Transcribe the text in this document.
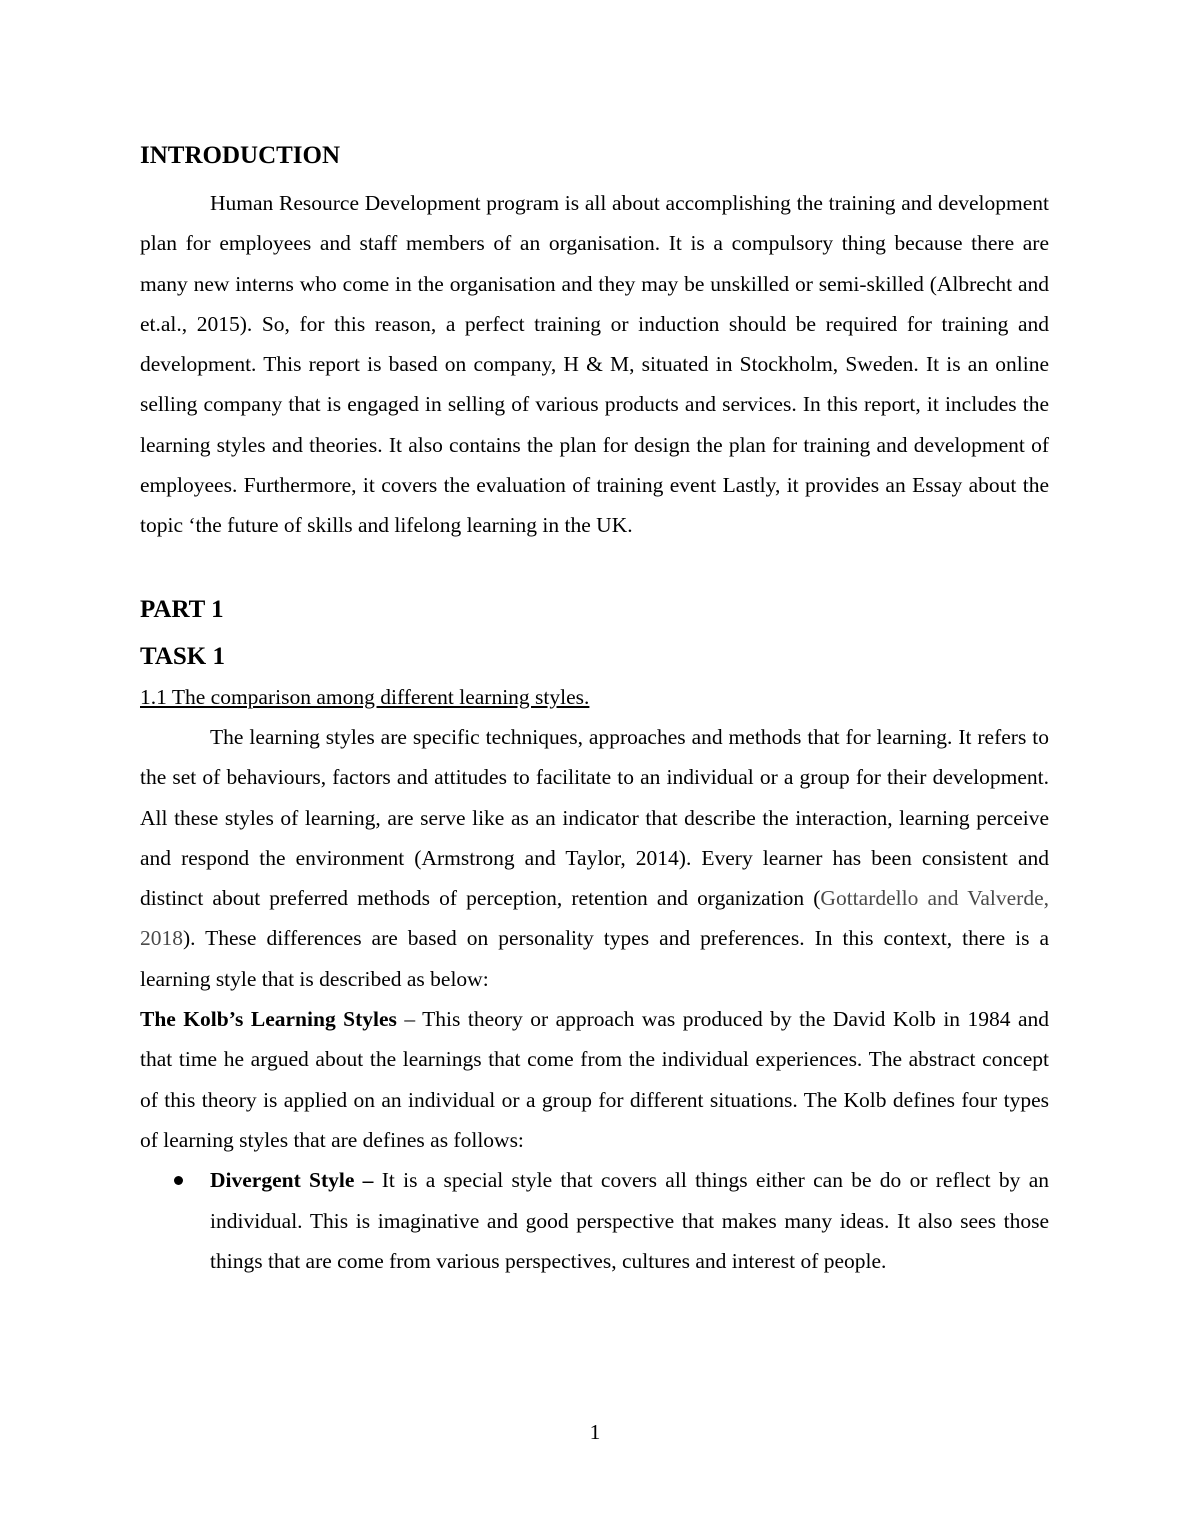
INTRODUCTION

Human Resource Development program is all about accomplishing the training and development plan for employees and staff members of an organisation. It is a compulsory thing because there are many new interns who come in the organisation and they may be unskilled or semi-skilled (Albrecht and et.al., 2015). So, for this reason, a perfect training or induction should be required for training and development. This report is based on company, H & M, situated in Stockholm, Sweden. It is an online selling company that is engaged in selling of various products and services. In this report, it includes the learning styles and theories. It also contains the plan for design the plan for training and development of employees. Furthermore, it covers the evaluation of training event Lastly, it provides an Essay about the topic ‘the future of skills and lifelong learning in the UK.

PART 1
TASK 1

1.1 The comparison among different learning styles.

The learning styles are specific techniques, approaches and methods that for learning. It refers to the set of behaviours, factors and attitudes to facilitate to an individual or a group for their development. All these styles of learning, are serve like as an indicator that describe the interaction, learning perceive and respond the environment (Armstrong and Taylor, 2014). Every learner has been consistent and distinct about preferred methods of perception, retention and organization (Gottardello and Valverde, 2018). These differences are based on personality types and preferences. In this context, there is a learning style that is described as below:

The Kolb’s Learning Styles – This theory or approach was produced by the David Kolb in 1984 and that time he argued about the learnings that come from the individual experiences. The abstract concept of this theory is applied on an individual or a group for different situations. The Kolb defines four types of learning styles that are defines as follows:

Divergent Style – It is a special style that covers all things either can be do or reflect by an individual. This is imaginative and good perspective that makes many ideas. It also sees those things that are come from various perspectives, cultures and interest of people.
1
